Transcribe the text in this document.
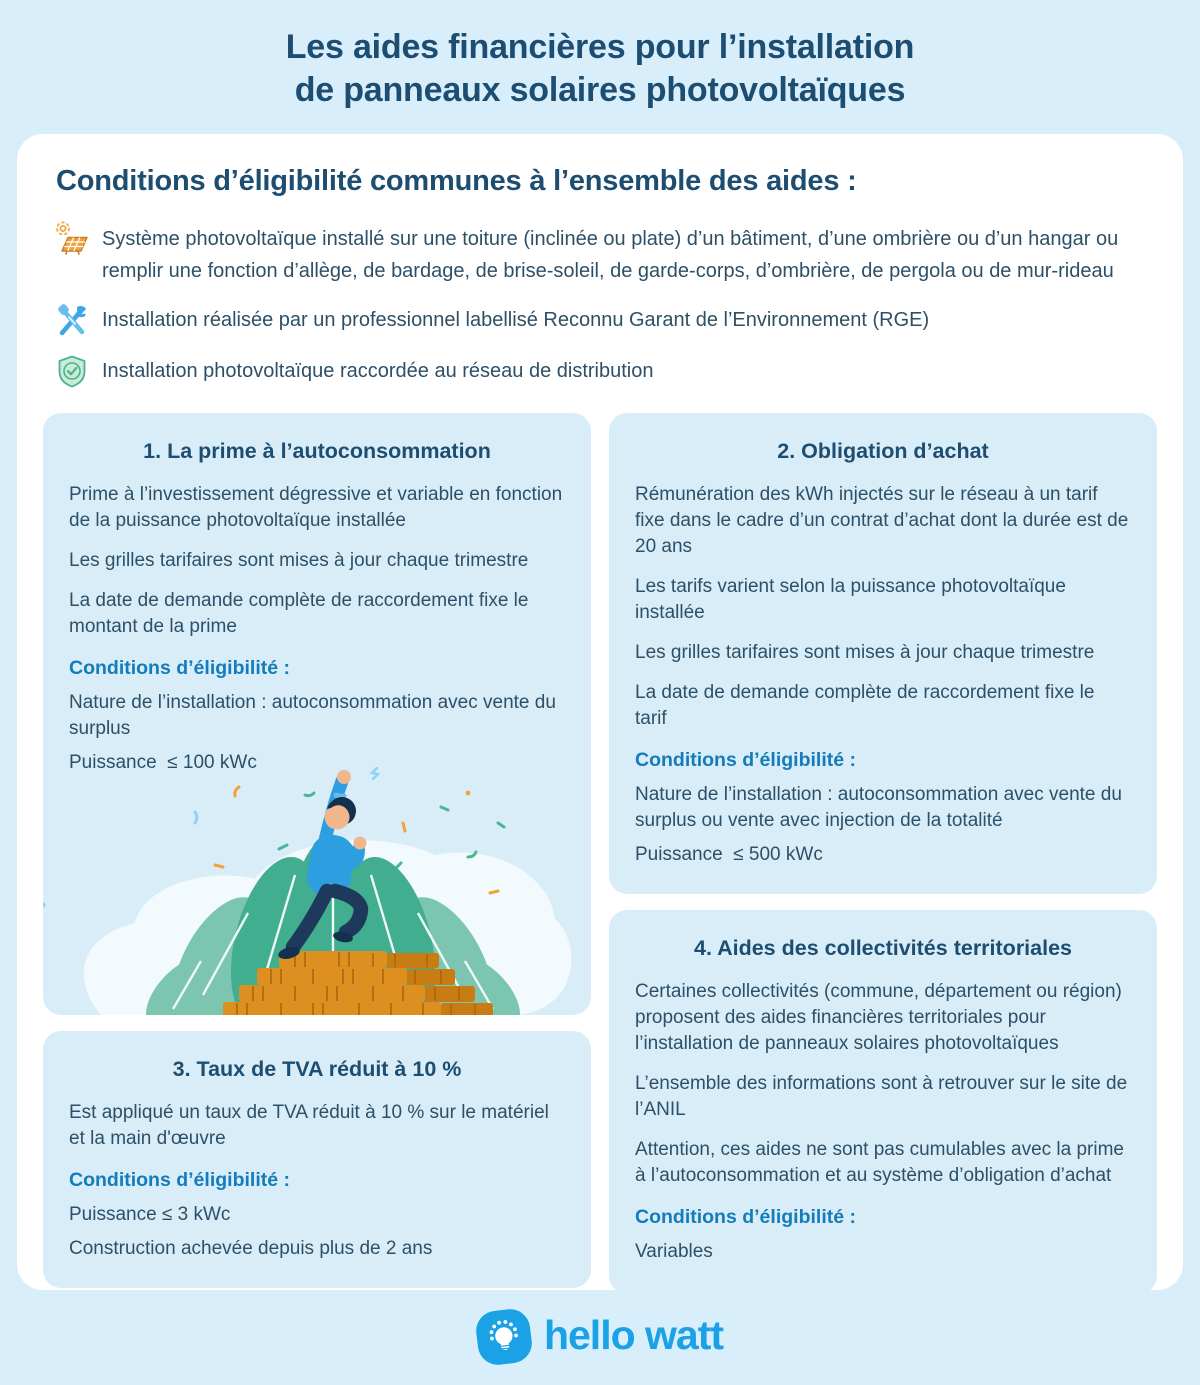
Les aides financières pour l’installation
de panneaux solaires photovoltaïques
Conditions d’éligibilité communes à l’ensemble des aides :
Système photovoltaïque installé sur une toiture (inclinée ou plate) d’un bâtiment, d’une ombrière ou d’un hangar ou remplir une fonction d’allège, de bardage, de brise-soleil, de garde-corps, d’ombrière, de pergola ou de mur-rideau
Installation réalisée par un professionnel labellisé Reconnu Garant de l’Environnement (RGE)
Installation photovoltaïque raccordée au réseau de distribution
1. La prime à l’autoconsommation

Prime à l’investissement dégressive et variable en fonction de la puissance photovoltaïque installée

Les grilles tarifaires sont mises à jour chaque trimestre

La date de demande complète de raccordement fixe le montant de la prime

Conditions d’éligibilité :
Nature de l’installation : autoconsommation avec vente du surplus
Puissance  ≤ 100 kWc
3. Taux de TVA réduit à 10 %

Est appliqué un taux de TVA réduit à 10 % sur le matériel et la main d'œuvre

Conditions d’éligibilité :
Puissance ≤ 3 kWc
Construction achevée depuis plus de 2 ans
2. Obligation d’achat

Rémunération des kWh injectés sur le réseau à un tarif fixe dans le cadre d’un contrat d’achat dont la durée est de 20 ans

Les tarifs varient selon la puissance photovoltaïque installée

Les grilles tarifaires sont mises à jour chaque trimestre

La date de demande complète de raccordement fixe le tarif

Conditions d’éligibilité :
Nature de l’installation : autoconsommation avec vente du surplus ou vente avec injection de la totalité
Puissance  ≤ 500 kWc
4. Aides des collectivités territoriales

Certaines collectivités (commune, département ou région) proposent des aides financières territoriales pour l’installation de panneaux solaires photovoltaïques

L’ensemble des informations sont à retrouver sur le site de l’ANIL

Attention, ces aides ne sont pas cumulables avec la prime à l’autoconsommation et au système d’obligation d’achat

Conditions d’éligibilité :
Variables
hello watt
